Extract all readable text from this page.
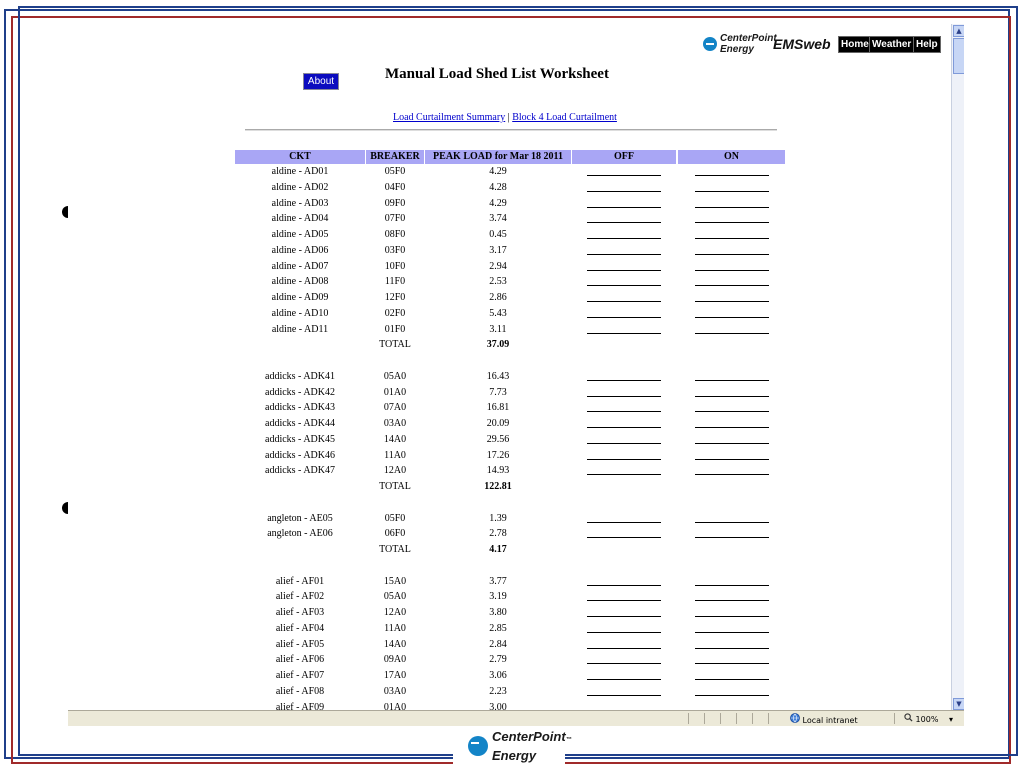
CenterPoint
Energy	EMSweb	Home Weather Help
About	Manual Load Shed List Worksheet
Load Curtailment Summary | Block 4 Load Curtailment
CKT	BREAKER	PEAK LOAD for Mar 18 2011	OFF	ON
aldine - AD01	05F0	4.29
aldine - AD02	04F0	4.28
aldine - AD03	09F0	4.29
aldine - AD04	07F0	3.74
aldine - AD05	08F0	0.45
aldine - AD06	03F0	3.17
aldine - AD07	10F0	2.94
aldine - AD08	11F0	2.53
aldine - AD09	12F0	2.86
aldine - AD10	02F0	5.43
aldine - AD11	01F0	3.11
TOTAL	37.09
addicks - ADK41	05A0	16.43
addicks - ADK42	01A0	7.73
addicks - ADK43	07A0	16.81
addicks - ADK44	03A0	20.09
addicks - ADK45	14A0	29.56
addicks - ADK46	11A0	17.26
addicks - ADK47	12A0	14.93
TOTAL	122.81
angleton - AE05	05F0	1.39
angleton - AE06	06F0	2.78
TOTAL	4.17
alief - AF01	15A0	3.77
alief - AF02	05A0	3.19
alief - AF03	12A0	3.80
alief - AF04	11A0	2.85
alief - AF05	14A0	2.84
alief - AF06	09A0	2.79
alief - AF07	17A0	3.06
alief - AF08	03A0	2.23
alief - AF09	01A0	3.00
▲
▼
Local intranet	100% ▾
CenterPoint™
Energy
